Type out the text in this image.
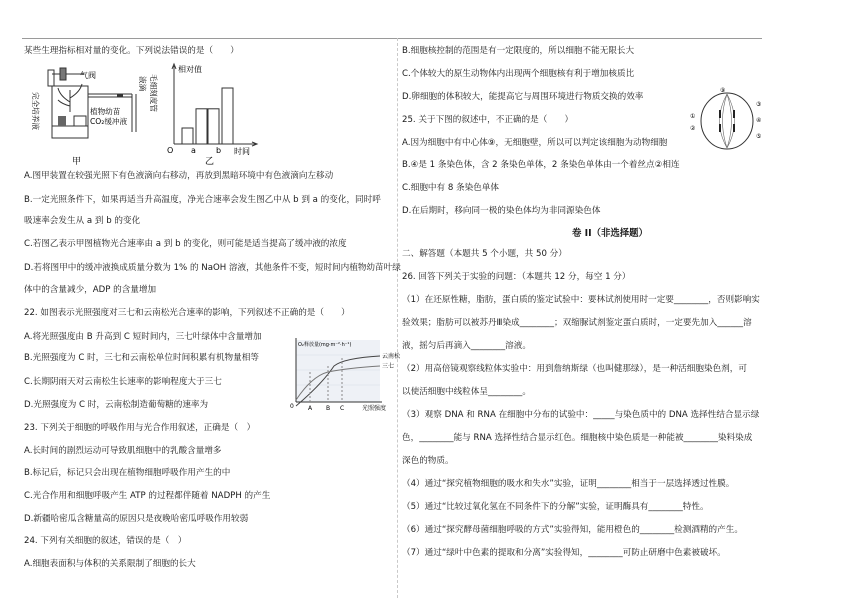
某些生理指标相对量的变化。下列说法错误的是（　　）
气阀
植物幼苗
CO₂缓冲液
甲
完全培养液	毛细刻度管
液滴
相对值
时间
O a	b
乙
A.图甲装置在较强光照下有色液滴向右移动，再放到黑暗环境中有色液滴向左移动
B.一定光照条件下，如果再适当升高温度，净光合速率会发生图乙中从 b 到 a 的变化，同时呼
吸速率会发生从 a 到 b 的变化
C.若图乙表示甲图植物光合速率由 a 到 b 的变化，则可能是适当提高了缓冲液的浓度
D.若将图甲中的缓冲液换成质量分数为 1% 的 NaOH 溶液，其他条件不变，短时间内植物幼苗叶绿
体中的含量减少，ADP 的含量增加
22. 如图表示光照强度对三七和云南松光合速率的影响，下列叙述不正确的是（　　）
A.将光照强度由 B 升高到 C 短时间内，三七叶绿体中含量增加
B.光照强度为 C 时，三七和云南松单位时间积累有机物量相等
C.长期阴雨天对云南松生长速率的影响程度大于三七
D.光照强度为 C 时，云南松制造葡萄糖的速率为
O₂释放量(mg·m⁻²·h⁻¹)
云南松
三七
0 A B C	光照强度
23. 下列关于细胞的呼吸作用与光合作用叙述，正确是（　）
A.长时间的剧烈运动可导致肌细胞中的乳酸含量增多
B.标记后，标记只会出现在植物细胞呼吸作用产生的中
C.光合作用和细胞呼吸产生 ATP 的过程都伴随着 NADPH 的产生
D.新疆哈密瓜含糖量高的原因只是夜晚哈密瓜呼吸作用较弱
24. 下列有关细胞的叙述，错误的是（　）
A.细胞表面积与体积的关系限制了细胞的长大
B.细胞核控制的范围是有一定限度的，所以细胞不能无限长大
C.个体较大的原生动物体内出现两个细胞核有利于增加核质比
D.卵细胞的体积较大，能提高它与周围环境进行物质交换的效率
25. 关于下图的叙述中，不正确的是（　　）
A.因为细胞中有中心体⑨，无细胞壁，所以可以判定该细胞为动物细胞
B.④是 1 条染色体，含 2 条染色单体，2 条染色单体由一个着丝点②相连
C.细胞中有 8 条染色单体
D.在后期时，移向同一极的染色体均为非同源染色体
①
②
③
④
⑤
⑨
卷 II（非选择题）
二、解答题（本题共 5 个小题，共 50 分）
26. 回答下列关于实验的问题：（本题共 12 分，每空 1 分）
（1）在还原性糖，脂肪，蛋白质的鉴定试验中：要林试剂使用时一定要________，否则影响实
验效果；脂肪可以被苏丹Ⅲ染成________；双缩脲试剂鉴定蛋白质时，一定要先加入______溶
液，摇匀后再滴入________溶液。
（2）用高倍镜观察线粒体实验中：用到詹纳斯绿（也叫健那绿），是一种活细胞染色剂，可
以使活细胞中线粒体呈________。
（3）观察 DNA 和 RNA 在细胞中分布的试验中：_____与染色质中的 DNA 选择性结合显示绿
色，________能与 RNA 选择性结合显示红色。细胞核中染色质是一种能被________染料染成
深色的物质。
（4）通过“探究植物细胞的吸水和失水”实验，证明________相当于一层选择透过性膜。
（5）通过“比较过氧化氢在不同条件下的分解”实验，证明酶具有________特性。
（6）通过“探究酵母菌细胞呼吸的方式”实验得知，能用橙色的________检测酒精的产生。
（7）通过“绿叶中色素的提取和分离”实验得知，________可防止研磨中色素被破坏。
